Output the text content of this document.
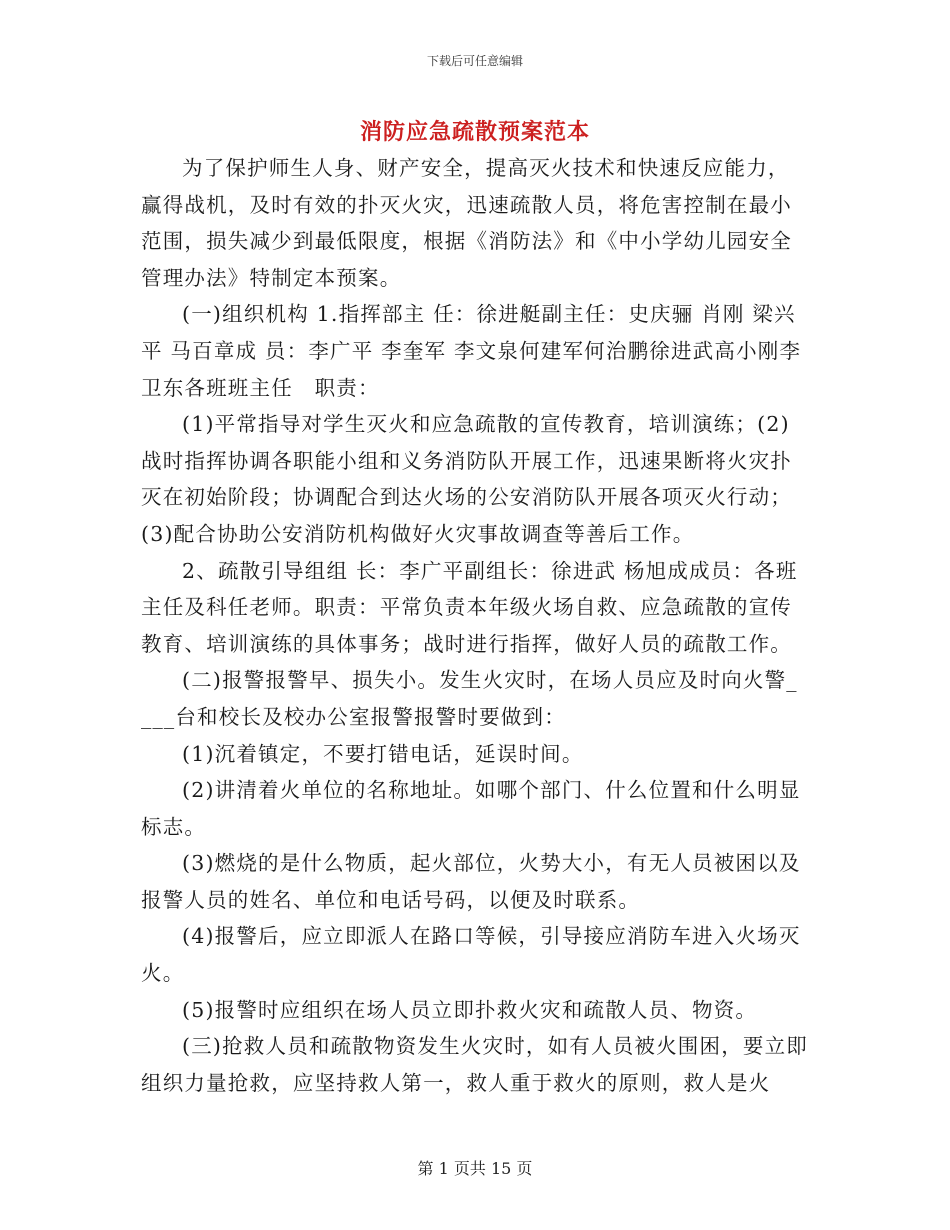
下载后可任意编辑
消防应急疏散预案范本

为了保护师生人身、财产安全，提高灭火技术和快速反应能力，赢得战机，及时有效的扑灭火灾，迅速疏散人员，将危害控制在最小范围，损失减少到最低限度，根据《消防法》和《中小学幼儿园安全管理办法》特制定本预案。

(一)组织机构 1.指挥部主 任：徐进艇副主任：史庆骊 肖刚 梁兴平 马百章成 员：李广平 李奎军 李文泉何建军何治鹏徐进武高小刚李卫东各班班主任　职责：

(1)平常指导对学生灭火和应急疏散的宣传教育，培训演练；(2)战时指挥协调各职能小组和义务消防队开展工作，迅速果断将火灾扑灭在初始阶段；协调配合到达火场的公安消防队开展各项灭火行动；(3)配合协助公安消防机构做好火灾事故调查等善后工作。

2、疏散引导组组 长：李广平副组长：徐进武 杨旭成成员：各班主任及科任老师。职责：平常负责本年级火场自救、应急疏散的宣传教育、培训演练的具体事务；战时进行指挥，做好人员的疏散工作。

(二)报警报警早、损失小。发生火灾时，在场人员应及时向火警____台和校长及校办公室报警报警时要做到：

(1)沉着镇定，不要打错电话，延误时间。

(2)讲清着火单位的名称地址。如哪个部门、什么位置和什么明显标志。

(3)燃烧的是什么物质，起火部位，火势大小，有无人员被困以及报警人员的姓名、单位和电话号码，以便及时联系。

(4)报警后，应立即派人在路口等候，引导接应消防车进入火场灭火。

(5)报警时应组织在场人员立即扑救火灾和疏散人员、物资。

(三)抢救人员和疏散物资发生火灾时，如有人员被火围困，要立即组织力量抢救，应坚持救人第一，救人重于救火的原则，救人是火

第 1 页共 15 页
